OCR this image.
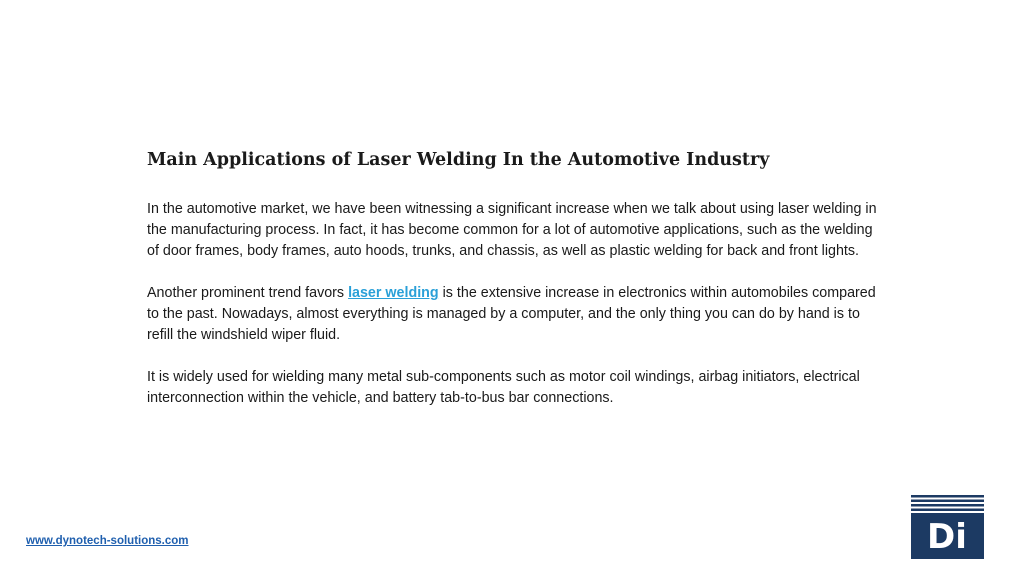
Main Applications of Laser Welding In the Automotive Industry

In the automotive market, we have been witnessing a significant increase when we talk about using laser welding in the manufacturing process. In fact, it has become common for a lot of automotive applications, such as the welding of door frames, body frames, auto hoods, trunks, and chassis, as well as plastic welding for back and front lights.

Another prominent trend favors laser welding is the extensive increase in electronics within automobiles compared to the past. Nowadays, almost everything is managed by a computer, and the only thing you can do by hand is to refill the windshield wiper fluid.

It is widely used for wielding many metal sub-components such as motor coil windings, airbag initiators, electrical interconnection within the vehicle, and battery tab-to-bus bar connections.

www.dynotech-solutions.com	Di
